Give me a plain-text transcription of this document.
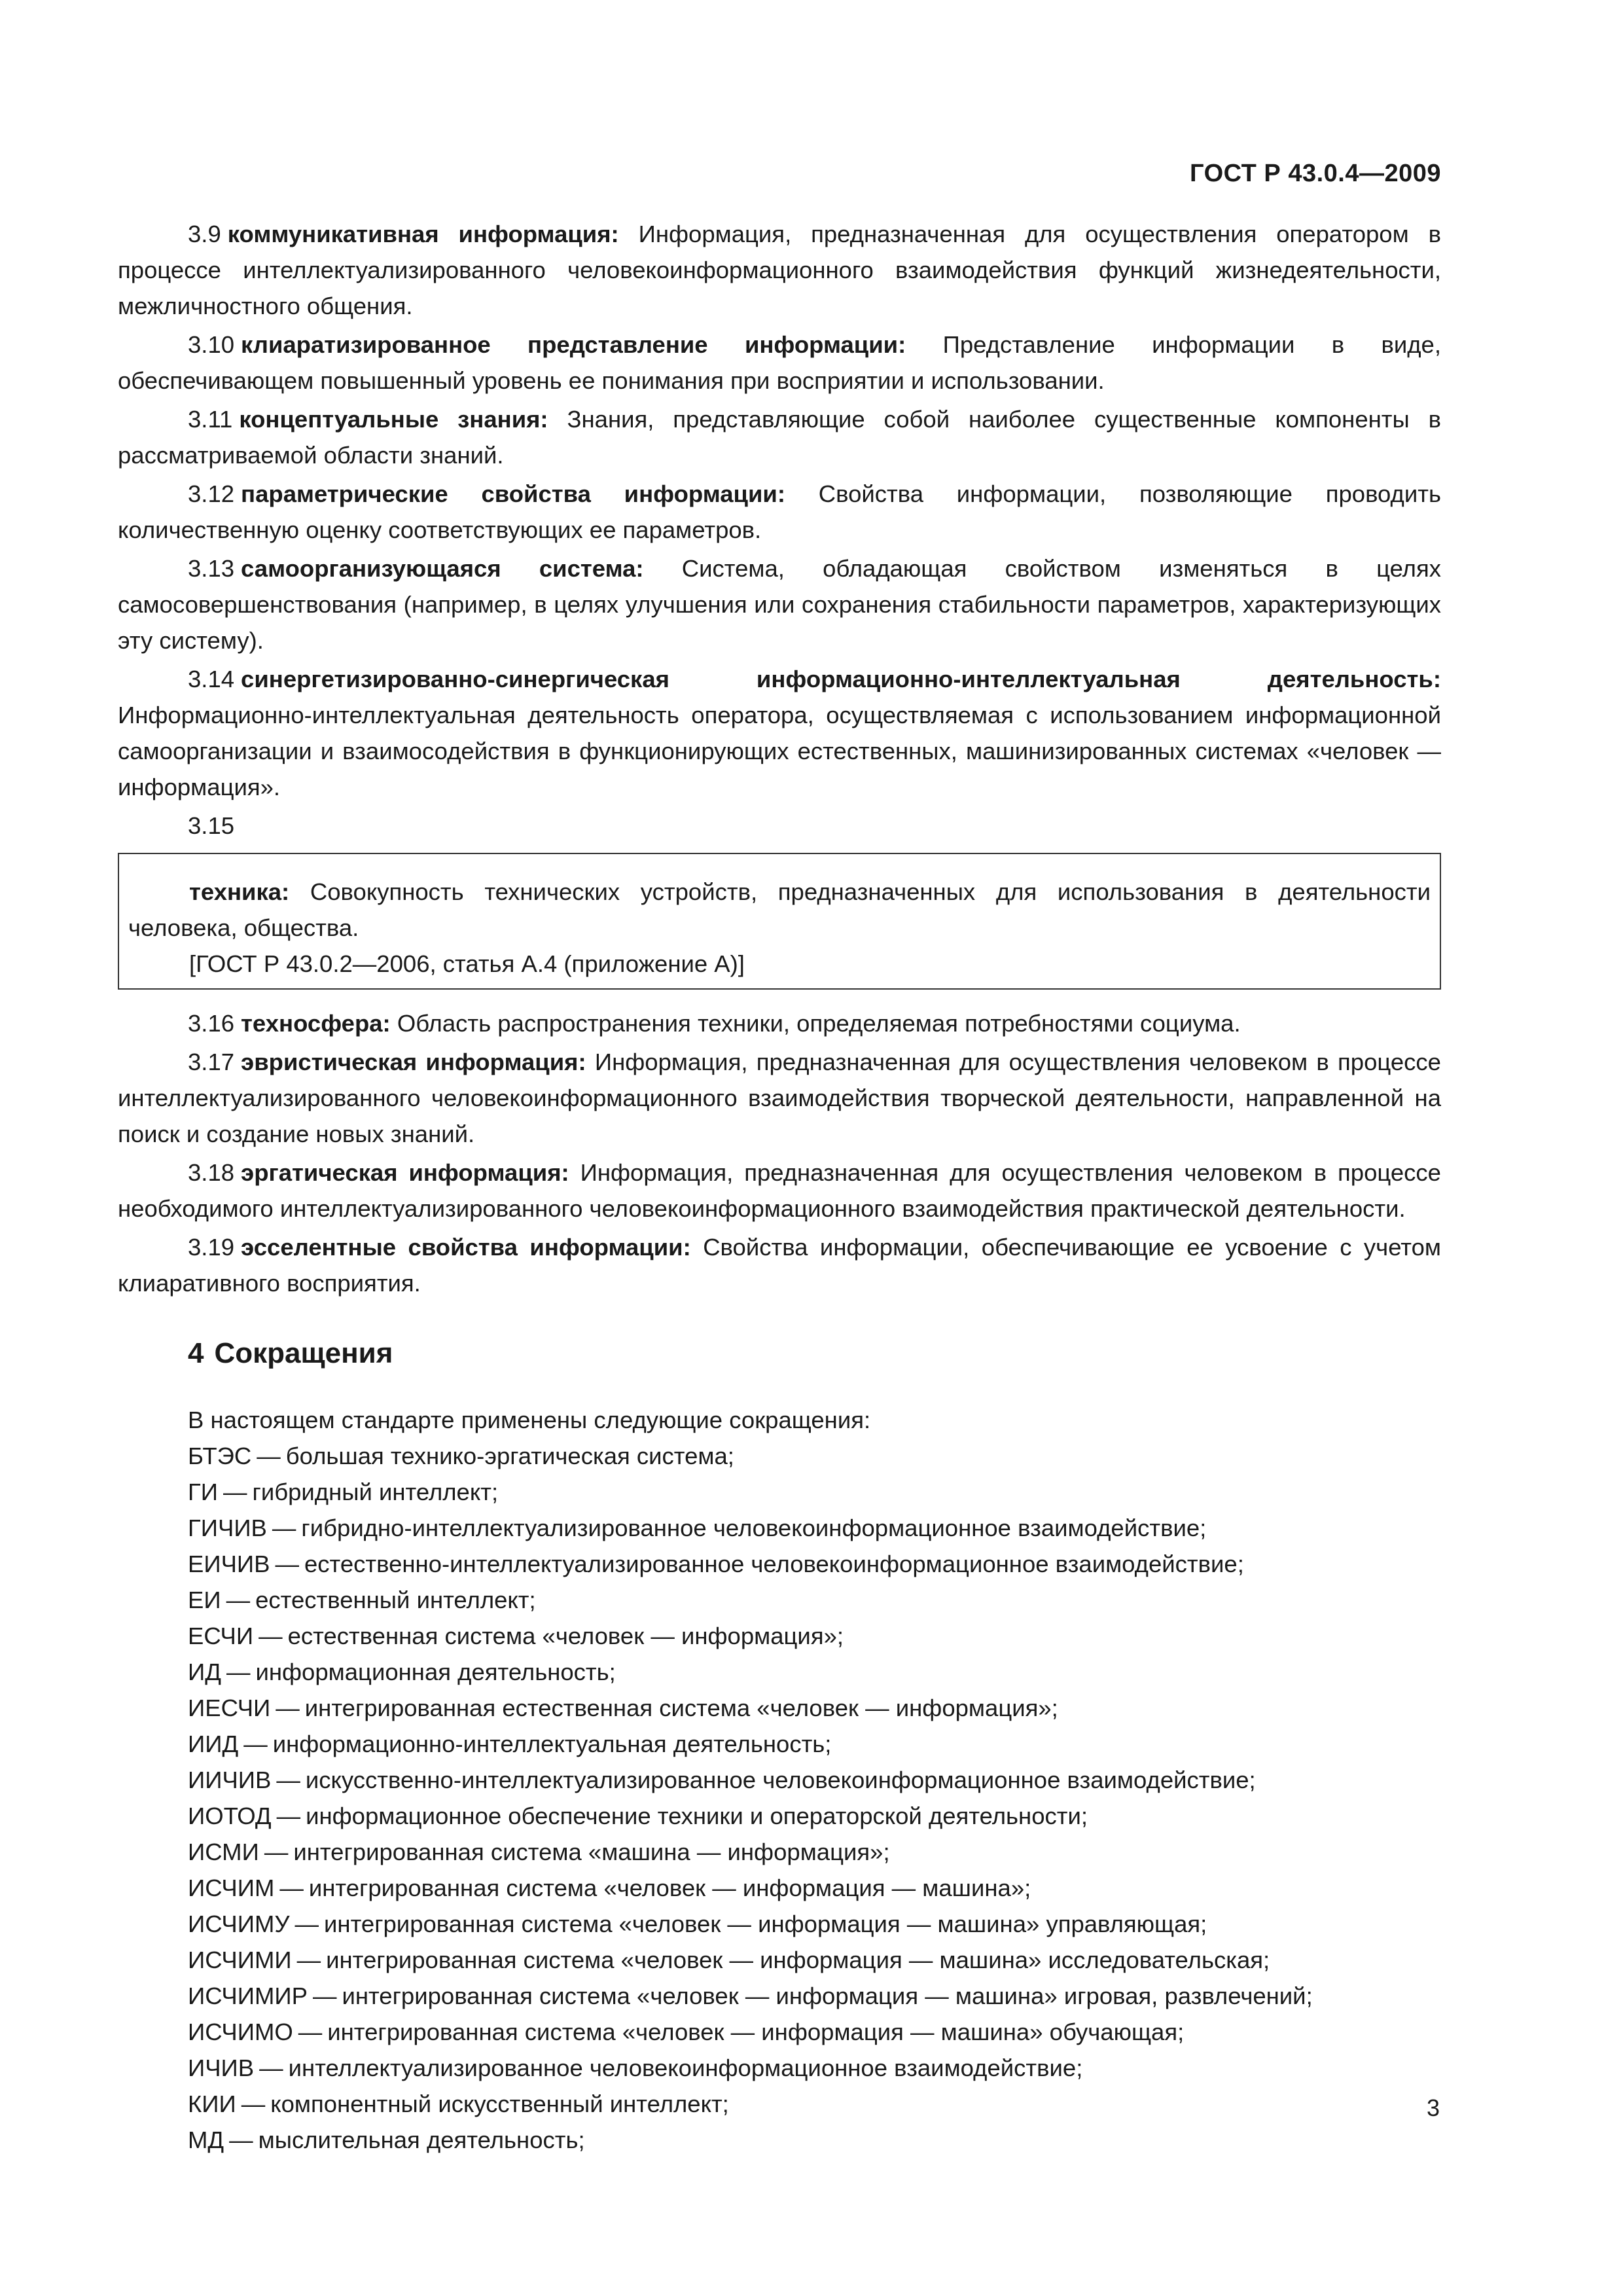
ГОСТ Р 43.0.4—2009

3.9 коммуникативная информация: Информация, предназначенная для осуществления оператором в процессе интеллектуализированного человекоинформационного взаимодействия функций жизнедеятельности, межличностного общения.

3.10 клиаратизированное представление информации: Представление информации в виде, обеспечивающем повышенный уровень ее понимания при восприятии и использовании.

3.11 концептуальные знания: Знания, представляющие собой наиболее существенные компоненты в рассматриваемой области знаний.

3.12 параметрические свойства информации: Свойства информации, позволяющие проводить количественную оценку соответствующих ее параметров.

3.13 самоорганизующаяся система: Система, обладающая свойством изменяться в целях самосовершенствования (например, в целях улучшения или сохранения стабильности параметров, характеризующих эту систему).

3.14 синергетизированно-синергическая информационно-интеллектуальная деятельность: Информационно-интеллектуальная деятельность оператора, осуществляемая с использованием информационной самоорганизации и взаимосодействия в функционирующих естественных, машинизированных системах «человек — информация».

3.15

техника: Совокупность технических устройств, предназначенных для использования в деятельности человека, общества.

[ГОСТ Р 43.0.2—2006, статья А.4 (приложение А)]

3.16 техносфера: Область распространения техники, определяемая потребностями социума.

3.17 эвристическая информация: Информация, предназначенная для осуществления человеком в процессе интеллектуализированного человекоинформационного взаимодействия творческой деятельности, направленной на поиск и создание новых знаний.

3.18 эргатическая информация: Информация, предназначенная для осуществления человеком в процессе необходимого интеллектуализированного человекоинформационного взаимодействия практической деятельности.

3.19 эсселентные свойства информации: Свойства информации, обеспечивающие ее усвоение с учетом клиаративного восприятия.

4 Сокращения

В настоящем стандарте применены следующие сокращения:

БТЭС — большая технико-эргатическая система;
ГИ — гибридный интеллект;
ГИЧИВ — гибридно-интеллектуализированное человекоинформационное взаимодействие;
ЕИЧИВ — естественно-интеллектуализированное человекоинформационное взаимодействие;
ЕИ — естественный интеллект;
ЕСЧИ — естественная система «человек — информация»;
ИД — информационная деятельность;
ИЕСЧИ — интегрированная естественная система «человек — информация»;
ИИД — информационно-интеллектуальная деятельность;
ИИЧИВ — искусственно-интеллектуализированное человекоинформационное взаимодействие;
ИОТОД — информационное обеспечение техники и операторской деятельности;
ИСМИ — интегрированная система «машина — информация»;
ИСЧИМ — интегрированная система «человек — информация — машина»;
ИСЧИМУ — интегрированная система «человек — информация — машина» управляющая;
ИСЧИМИ — интегрированная система «человек — информация — машина» исследовательская;
ИСЧИМИР — интегрированная система «человек — информация — машина» игровая, развлечений;
ИСЧИМО — интегрированная система «человек — информация — машина» обучающая;
ИЧИВ — интеллектуализированное человекоинформационное взаимодействие;
КИИ — компонентный искусственный интеллект;
МД — мыслительная деятельность;
3
